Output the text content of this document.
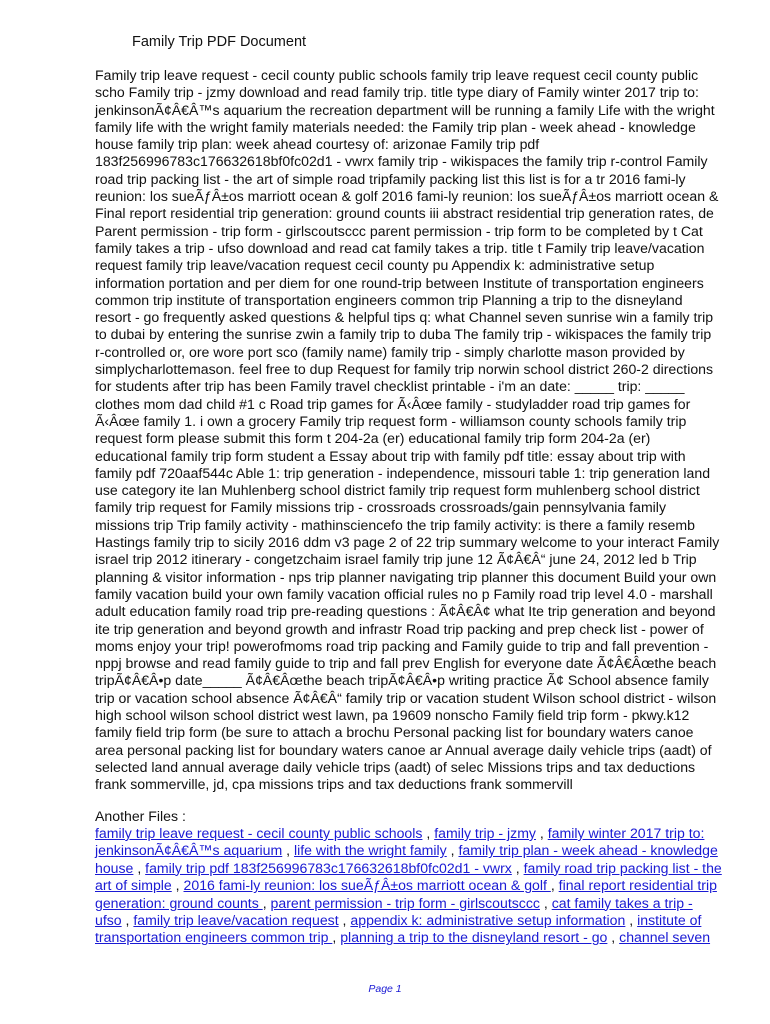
Family Trip PDF Document
Family trip leave request - cecil county public schools family trip leave request cecil county public
scho Family trip - jzmy download and read family trip. title type diary of Family winter 2017 trip to:
jenkinsonÃ¢Â€Â™s aquarium the recreation department will be running a family Life with the wright
family life with the wright family materials needed: the Family trip plan - week ahead - knowledge
house family trip plan: week ahead courtesy of: arizonae Family trip pdf
183f256996783c176632618bf0fc02d1 - vwrx family trip - wikispaces the family trip r-control Family
road trip packing list - the art of simple road tripfamily packing list this list is for a tr 2016 fami-ly
reunion: los sueÃƒÂ±os marriott ocean & golf 2016 fami-ly reunion: los sueÃƒÂ±os marriott ocean &
Final report residential trip generation: ground counts iii abstract residential trip generation rates, de
Parent permission - trip form - girlscoutsccc parent permission - trip form to be completed by t Cat
family takes a trip - ufso download and read cat family takes a trip. title t Family trip leave/vacation
request family trip leave/vacation request cecil county pu Appendix k: administrative setup
information portation and per diem for one round-trip between Institute of transportation engineers
common trip institute of transportation engineers common trip Planning a trip to the disneyland
resort - go frequently asked questions & helpful tips q: what Channel seven sunrise win a family trip
to dubai by entering the sunrise zwin a family trip to duba The family trip - wikispaces the family trip
r-controlled or, ore wore port sco (family name) family trip - simply charlotte mason provided by
simplycharlottemason. feel free to dup Request for family trip norwin school district 260-2 directions
for students after trip has been Family travel checklist printable - i'm an date: _____ trip: _____
clothes mom dad child #1 c Road trip games for Ã‹Âœe family - studyladder road trip games for
Ã‹Âœe family 1. i own a grocery Family trip request form - williamson county schools family trip
request form please submit this form t 204-2a (er) educational family trip form 204-2a (er)
educational family trip form student a Essay about trip with family pdf title: essay about trip with
family pdf 720aaf544c Able 1: trip generation - independence, missouri table 1: trip generation land
use category ite lan Muhlenberg school district family trip request form muhlenberg school district
family trip request for Family missions trip - crossroads crossroads/gain pennsylvania family
missions trip Trip family activity - mathinsciencefo the trip family activity: is there a family resemb
Hastings family trip to sicily 2016 ddm v3 page 2 of 22 trip summary welcome to your interact Family
israel trip 2012 itinerary - congetzchaim israel family trip june 12 Ã¢Â€Â“ june 24, 2012 led b Trip
planning & visitor information - nps trip planner navigating trip planner this document Build your own
family vacation build your own family vacation official rules no p Family road trip level 4.0 - marshall
adult education family road trip pre-reading questions : Ã¢Â€Â¢ what Ite trip generation and beyond
ite trip generation and beyond growth and infrastr Road trip packing and prep check list - power of
moms enjoy your trip! powerofmoms road trip packing and Family guide to trip and fall prevention -
nppj browse and read family guide to trip and fall prev English for everyone date Ã¢Â€Âœthe beach
tripÃ¢Â€Â•p date_____ Ã¢Â€Âœthe beach tripÃ¢Â€Â•p writing practice Ã¢ School absence family
trip or vacation school absence Ã¢Â€Â“ family trip or vacation student Wilson school district - wilson
high school wilson school district west lawn, pa 19609 nonscho Family field trip form - pkwy.k12
family field trip form (be sure to attach a brochu Personal packing list for boundary waters canoe
area personal packing list for boundary waters canoe ar Annual average daily vehicle trips (aadt) of
selected land annual average daily vehicle trips (aadt) of selec Missions trips and tax deductions
frank sommerville, jd, cpa missions trips and tax deductions frank sommervill
Another Files :
family trip leave request - cecil county public schools , family trip - jzmy , family winter 2017 trip to:
jenkinsonÃ¢Â€Â™s aquarium , life with the wright family , family trip plan - week ahead - knowledge
house , family trip pdf 183f256996783c176632618bf0fc02d1 - vwrx , family road trip packing list - the
art of simple , 2016 fami-ly reunion: los sueÃƒÂ±os marriott ocean & golf , final report residential trip
generation: ground counts , parent permission - trip form - girlscoutsccc , cat family takes a trip -
ufso , family trip leave/vacation request , appendix k: administrative setup information , institute of
transportation engineers common trip , planning a trip to the disneyland resort - go , channel seven
Page 1
